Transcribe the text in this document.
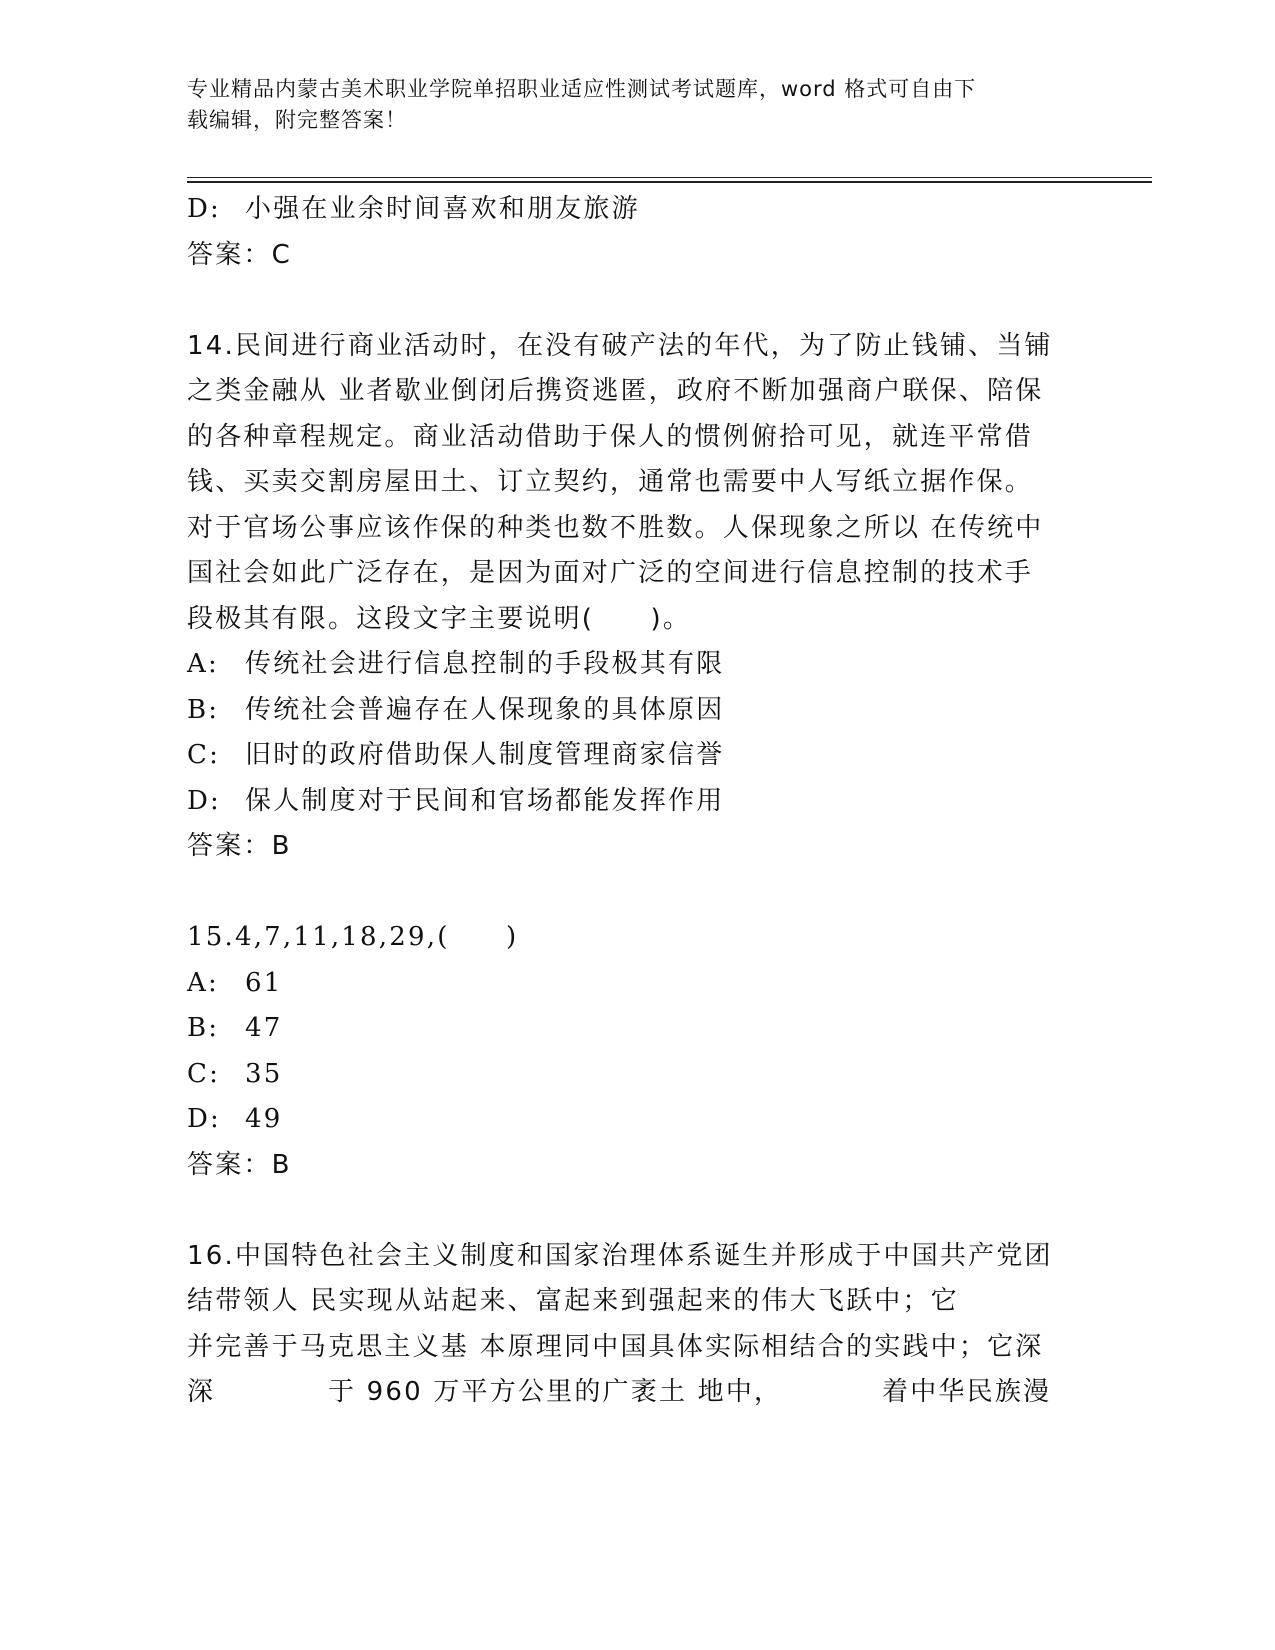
专业精品内蒙古美术职业学院单招职业适应性测试考试题库，word 格式可自由下
载编辑，附完整答案！
D: 小强在业余时间喜欢和朋友旅游
答案：C
14.民间进行商业活动时，在没有破产法的年代，为了防止钱铺、当铺
之类金融从 业者歇业倒闭后携资逃匿，政府不断加强商户联保、陪保
的各种章程规定。商业活动借助于保人的惯例俯拾可见，就连平常借
钱、买卖交割房屋田土、订立契约，通常也需要中人写纸立据作保。
对于官场公事应该作保的种类也数不胜数。人保现象之所以 在传统中
国社会如此广泛存在，是因为面对广泛的空间进行信息控制的技术手
段极其有限。这段文字主要说明(　　)。
A: 传统社会进行信息控制的手段极其有限
B: 传统社会普遍存在人保现象的具体原因
C: 旧时的政府借助保人制度管理商家信誉
D: 保人制度对于民间和官场都能发挥作用
答案：B
15.4,7,11,18,29,(　　)
A: 61
B: 47
C: 35
D: 49
答案：B
16.中国特色社会主义制度和国家治理体系诞生并形成于中国共产党团
结带领人 民实现从站起来、富起来到强起来的伟大飞跃中；它
并完善于马克思主义基 本原理同中国具体实际相结合的实践中；它深
深　　　　于 960 万平方公里的广袤土 地中，　　　　着中华民族漫
